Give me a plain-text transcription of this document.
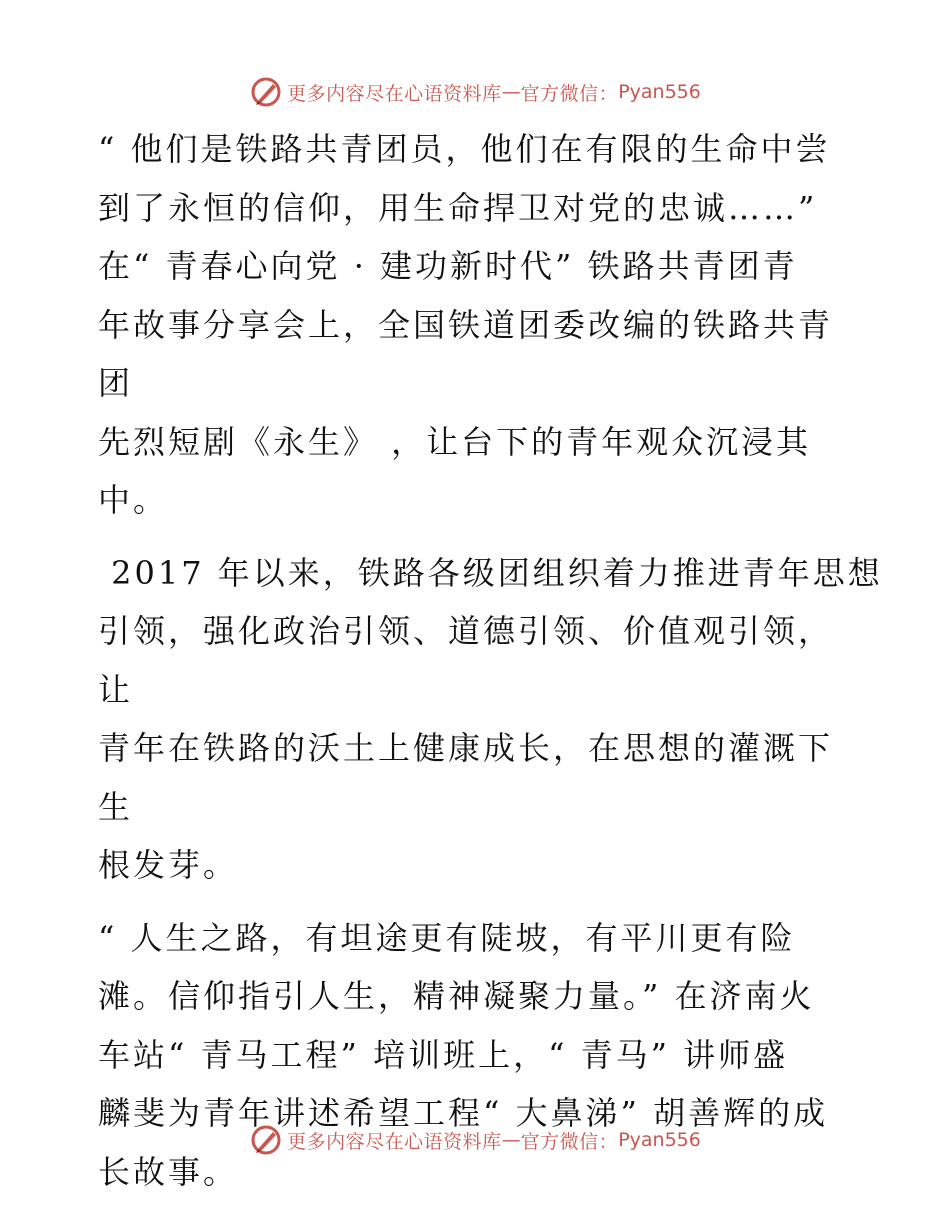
更多内容尽在心语资料库 — 官方微信： Pyan556

“ 他们是铁路共青团员，他们在有限的生命中尝
到了永恒的信仰，用生命捍卫对党的忠诚……”
在“ 青春心向党 · 建功新时代” 铁路共青团青
年故事分享会上，全国铁道团委改编的铁路共青团
先烈短剧《永生》 ，让台下的青年观众沉浸其
中。

2017 年以来，铁路各级团组织着力推进青年思想
引领，强化政治引领、道德引领、价值观引领，让
青年在铁路的沃土上健康成长，在思想的灌溉下生
根发芽。

“ 人生之路，有坦途更有陡坡，有平川更有险
滩。信仰指引人生，精神凝聚力量。” 在济南火
车站“ 青马工程” 培训班上，“ 青马” 讲师盛
麟斐为青年讲述希望工程“ 大鼻涕” 胡善辉的成
长故事。

更多内容尽在心语资料库 — 官方微信： Pyan556
